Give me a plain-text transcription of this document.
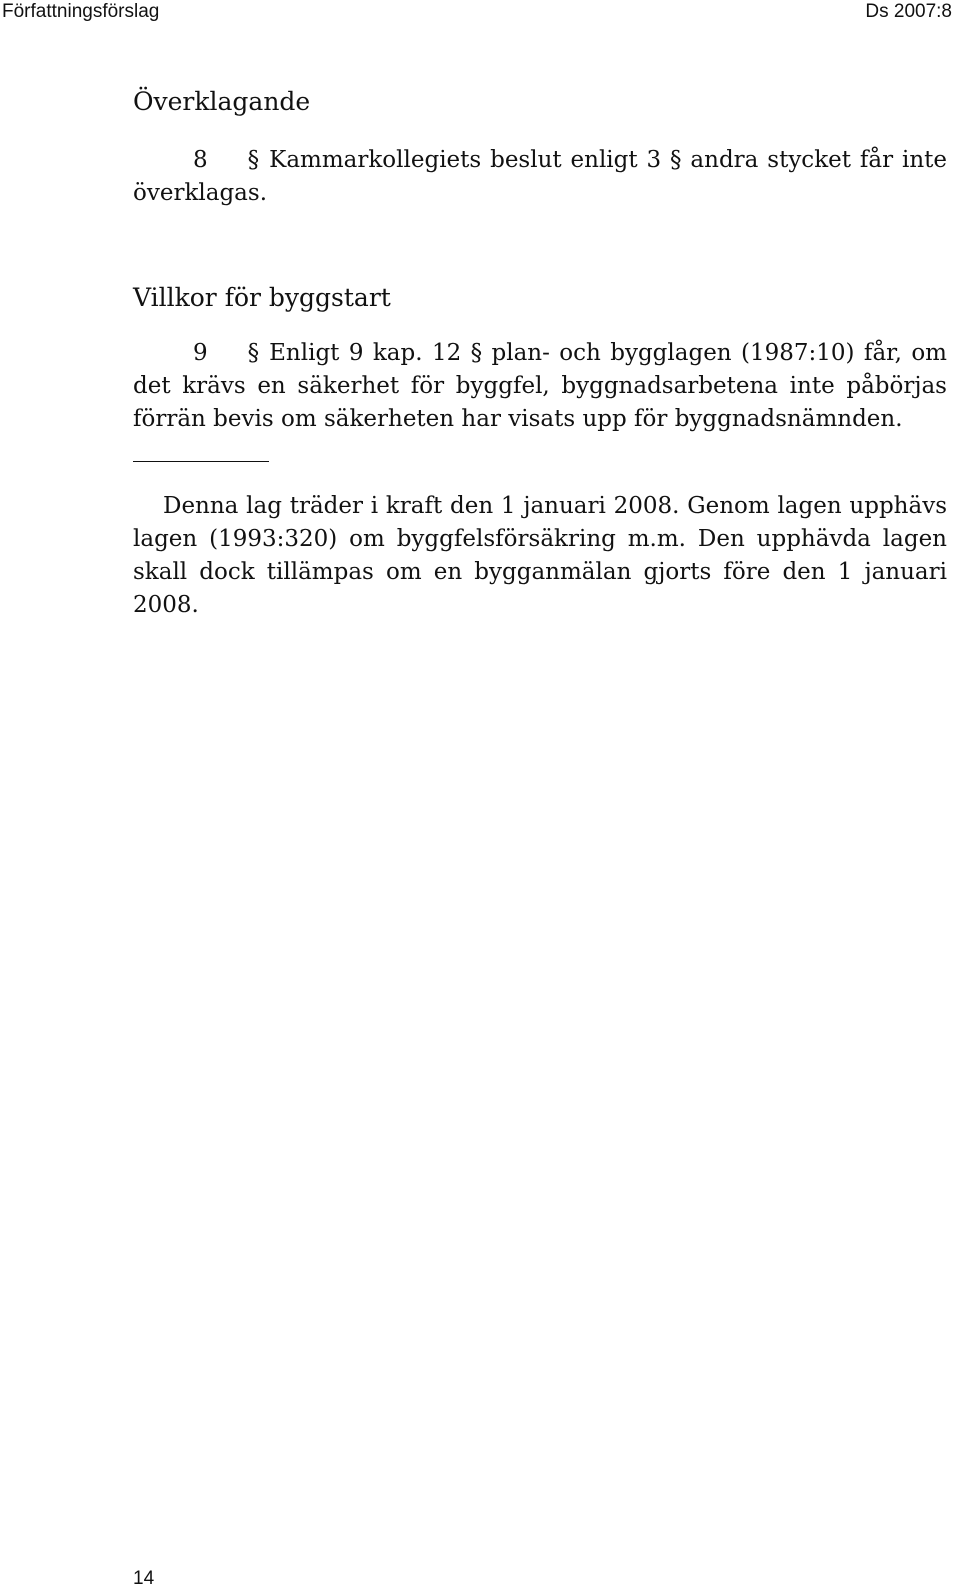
Författningsförslag	Ds 2007:8
Överklagande
8 § Kammarkollegiets beslut enligt 3 § andra stycket får inte överklagas.
Villkor för byggstart
9 § Enligt 9 kap. 12 § plan- och bygglagen (1987:10) får, om det krävs en säkerhet för byggfel, byggnadsarbetena inte påbörjas förrän bevis om säkerheten har visats upp för byggnadsnämnden.
Denna lag träder i kraft den 1 januari 2008. Genom lagen upphävs lagen (1993:320) om byggfelsförsäkring m.m. Den upphävda lagen skall dock tillämpas om en bygganmälan gjorts före den 1 januari 2008.
14
